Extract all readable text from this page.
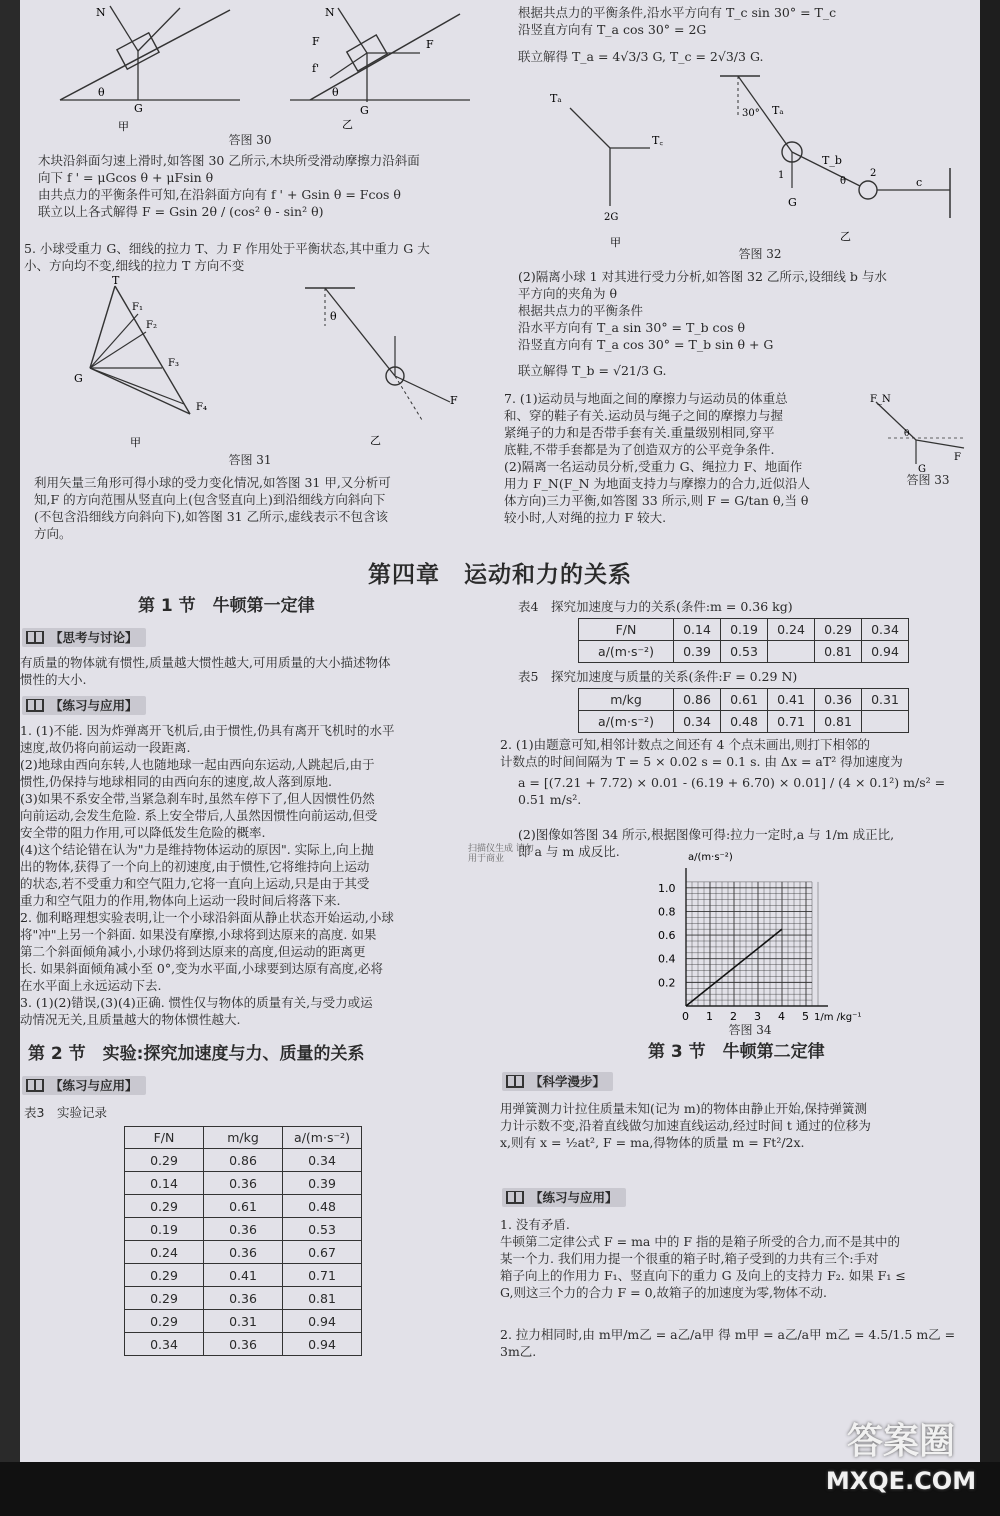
N
G
θ
甲
N
F
F
f'
G
θ
乙
答图 30

木块沿斜面匀速上滑时,如答图 30 乙所示,木块所受滑动摩擦力沿斜面
向下 f ' = μGcos θ + μFsin θ
由共点力的平衡条件可知,在沿斜面方向有 f ' + Gsin θ = Fcos θ
联立以上各式解得 F = Gsin 2θ / (cos² θ - sin² θ)

5. 小球受重力 G、细线的拉力 T、力 F 作用处于平衡状态,其中重力 G 大
小、方向均不变,细线的拉力 T 方向不变

T
F₁
F₂
F₃
F₄
G
甲
θ
F
乙
答图 31

利用矢量三角形可得小球的受力变化情况,如答图 31 甲,又分析可
知,F 的方向范围从竖直向上(包含竖直向上)到沿细线方向斜向下
(不包含沿细线方向斜向下),如答图 31 乙所示,虚线表示不包含该
方向。

根据共点力的平衡条件,沿水平方向有 T_c sin 30° = T_c
沿竖直方向有 T_a cos 30° = 2G

联立解得 T_a = 4√3/3 G, T_c = 2√3/3 G.

Tₐ
T꜀
2G
甲
30° Tₐ
T_b
1	2
G
θ	c
乙
答图 32

(2)隔离小球 1 对其进行受力分析,如答图 32 乙所示,设细线 b 与水
平方向的夹角为 θ
根据共点力的平衡条件
沿水平方向有 T_a sin 30° = T_b cos θ
沿竖直方向有 T_a cos 30° = T_b sin θ + G

联立解得 T_b = √21/3 G.

7. (1)运动员与地面之间的摩擦力与运动员的体重总
和、穿的鞋子有关.运动员与绳子之间的摩擦力与握
紧绳子的力和是否带手套有关.重量级别相同,穿平
底鞋,不带手套都是为了创造双方的公平竞争条件.
(2)隔离一名运动员分析,受重力 G、绳拉力 F、地面作
用力 F_N(F_N 为地面支持力与摩擦力的合力,近似沿人
体方向)三力平衡,如答图 33 所示,则 F = G/tan θ,当 θ
较小时,人对绳的拉力 F 较大.

F_N
θ
G
F
答图 33
第四章　运动和力的关系
第 1 节　牛顿第一定律
【思考与讨论】

有质量的物体就有惯性,质量越大惯性越大,可用质量的大小描述物体
惯性的大小.

【练习与应用】

1. (1)不能. 因为炸弹离开飞机后,由于惯性,仍具有离开飞机时的水平
速度,故仍将向前运动一段距离.
(2)地球由西向东转,人也随地球一起由西向东运动,人跳起后,由于
惯性,仍保持与地球相同的由西向东的速度,故人落到原地.
(3)如果不系安全带,当紧急刹车时,虽然车停下了,但人因惯性仍然
向前运动,会发生危险. 系上安全带后,人虽然因惯性向前运动,但受
安全带的阻力作用,可以降低发生危险的概率.
(4)这个结论错在认为"力是维持物体运动的原因". 实际上,向上抛
出的物体,获得了一个向上的初速度,由于惯性,它将维持向上运动
的状态,若不受重力和空气阻力,它将一直向上运动,只是由于其受
重力和空气阻力的作用,物体向上运动一段时间后将落下来.
2. 伽利略理想实验表明,让一个小球沿斜面从静止状态开始运动,小球
将"冲"上另一个斜面. 如果没有摩擦,小球将到达原来的高度. 如果
第二个斜面倾角减小,小球仍将到达原来的高度,但运动的距离更
长. 如果斜面倾角减小至 0°,变为水平面,小球要到达原有高度,必将
在水平面上永远运动下去.
3. (1)(2)错误,(3)(4)正确. 惯性仅与物体的质量有关,与受力或运
动情况无关,且质量越大的物体惯性越大.

扫描仪生成 请勿用于商业
第 2 节　实验:探究加速度与力、质量的关系
【练习与应用】
表3　实验记录
F/N	m/kg	a/(m·s⁻²)
0.29	0.86	0.34
0.14	0.36	0.39
0.29	0.61	0.48
0.19	0.36	0.53
0.24	0.36	0.67
0.29	0.41	0.71
0.29	0.36	0.81
0.29	0.31	0.94
0.34	0.36	0.94
表4　探究加速度与力的关系(条件:m = 0.36 kg)
F/N	0.14	0.19	0.24	0.29	0.34
a/(m·s⁻²)	0.39	0.53		0.81	0.94
表5　探究加速度与质量的关系(条件:F = 0.29 N)
m/kg	0.86	0.61	0.41	0.36	0.31
a/(m·s⁻²)	0.34	0.48	0.71	0.81	

2. (1)由题意可知,相邻计数点之间还有 4 个点未画出,则打下相邻的
计数点的时间间隔为 T = 5 × 0.02 s = 0.1 s. 由 Δx = aT² 得加速度为

a = [(7.21 + 7.72) × 0.01 - (6.19 + 6.70) × 0.01] / (4 × 0.1²) m/s² = 0.51 m/s².

(2)图像如答图 34 所示,根据图像可得:拉力一定时,a 与 1/m 成正比,
即 a 与 m 成反比.

0 1 2 3 4 5
0.2
0.4
0.6
0.8
1.0
a/(m·s⁻²)
1/m /kg⁻¹
答图 34
第 3 节　牛顿第二定律
【科学漫步】

用弹簧测力计拉住质量未知(记为 m)的物体由静止开始,保持弹簧测
力计示数不变,沿着直线做匀加速直线运动,经过时间 t 通过的位移为
x,则有 x = ½at², F = ma,得物体的质量 m = Ft²/2x.

【练习与应用】

1. 没有矛盾.
牛顿第二定律公式 F = ma 中的 F 指的是箱子所受的合力,而不是其中的
某一个力. 我们用力提一个很重的箱子时,箱子受到的力共有三个:手对
箱子向上的作用力 F₁、竖直向下的重力 G 及向上的支持力 F₂. 如果 F₁ ≤
G,则这三个力的合力 F = 0,故箱子的加速度为零,物体不动.

2. 拉力相同时,由 m甲/m乙 = a乙/a甲 得 m甲 = a乙/a甲 m乙 = 4.5/1.5 m乙 = 3m乙.

答案圈
MXQE.COM
